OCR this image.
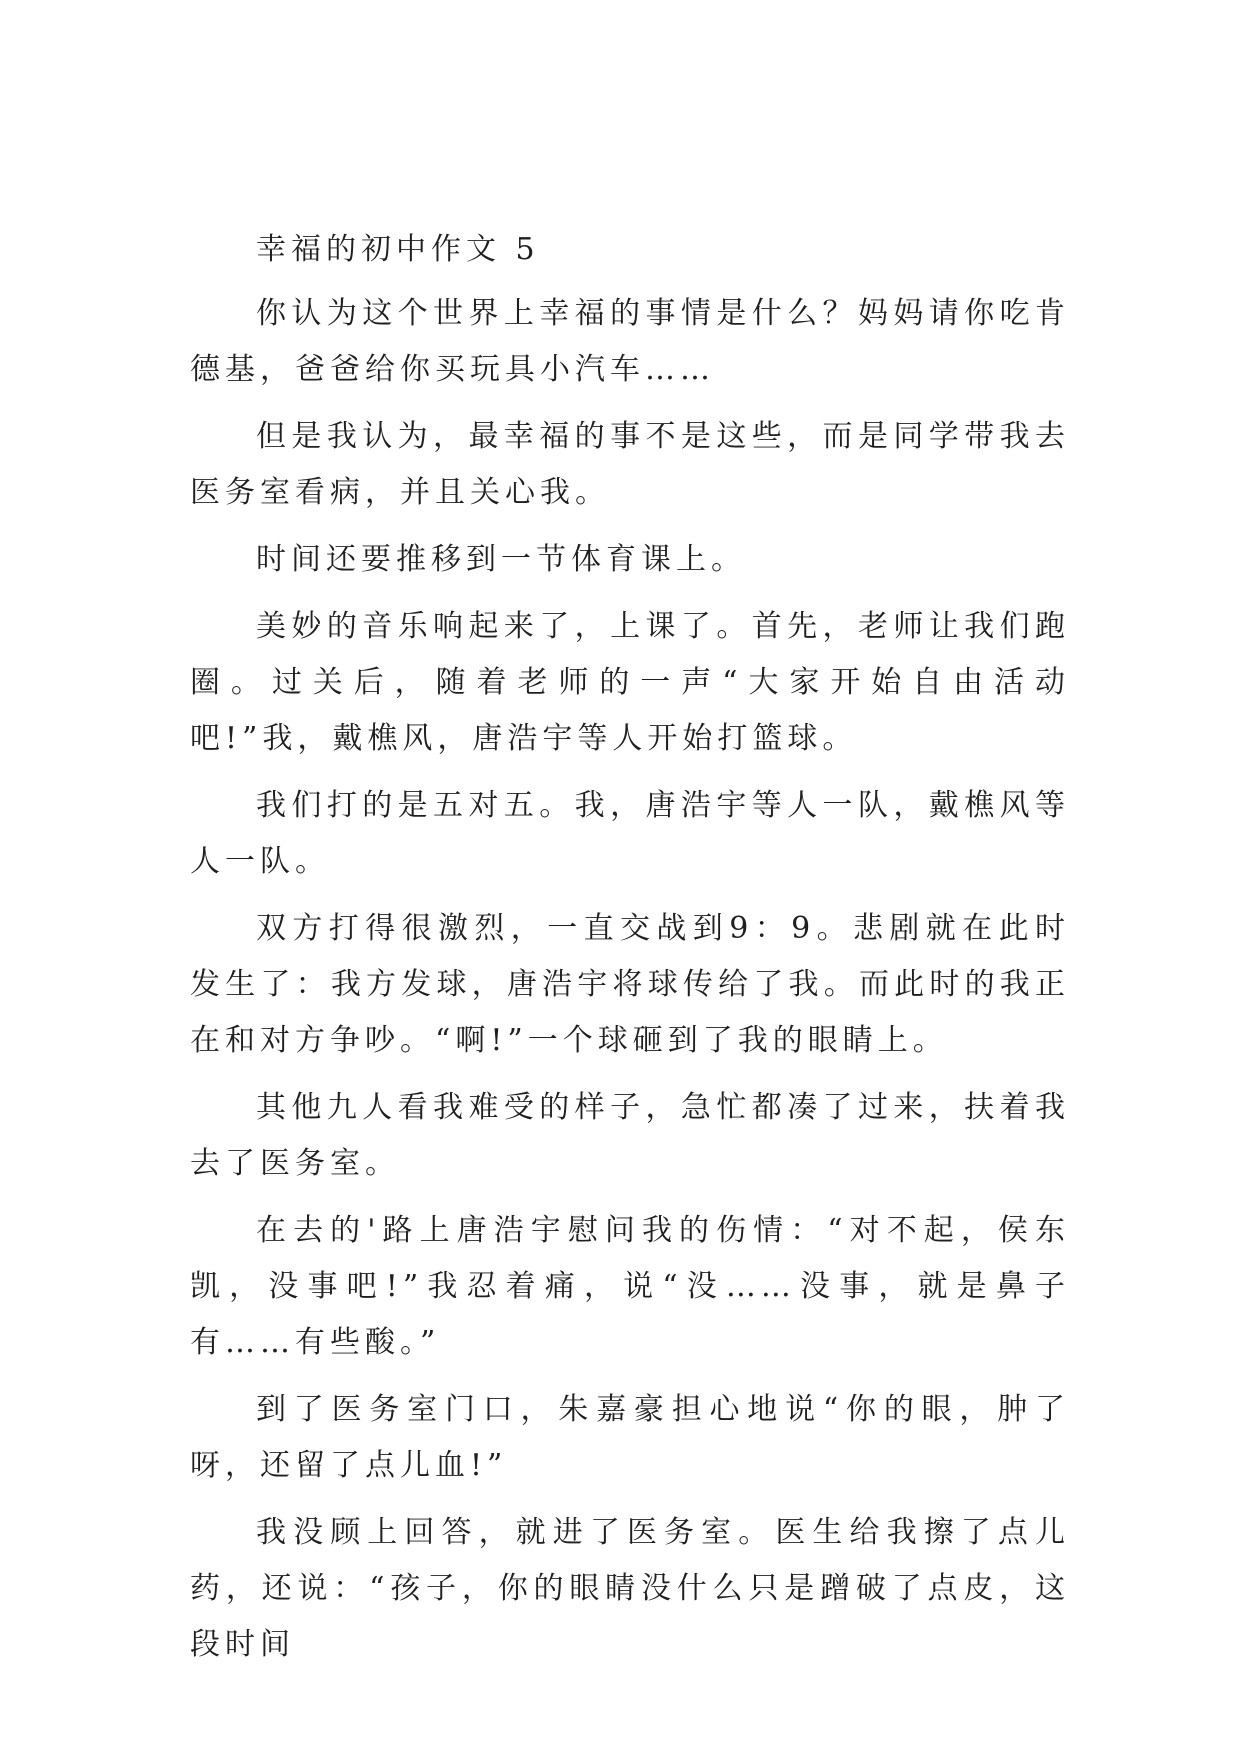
幸福的初中作文 5

你认为这个世界上幸福的事情是什么？妈妈请你吃肯德基，爸爸给你买玩具小汽车……

但是我认为，最幸福的事不是这些，而是同学带我去医务室看病，并且关心我。

时间还要推移到一节体育课上。

美妙的音乐响起来了，上课了。首先，老师让我们跑圈。过关后，随着老师的一声“大家开始自由活动吧!”我，戴樵风，唐浩宇等人开始打篮球。

我们打的是五对五。我，唐浩宇等人一队，戴樵风等人一队。

双方打得很激烈，一直交战到9：9。悲剧就在此时发生了：我方发球，唐浩宇将球传给了我。而此时的我正在和对方争吵。“啊!”一个球砸到了我的眼睛上。

其他九人看我难受的样子，急忙都凑了过来，扶着我去了医务室。

在去的'路上唐浩宇慰问我的伤情：“对不起，侯东凯，没事吧!”我忍着痛，说“没……没事，就是鼻子有……有些酸。”

到了医务室门口，朱嘉豪担心地说“你的眼，肿了呀，还留了点儿血!”

我没顾上回答，就进了医务室。医生给我擦了点儿药，还说：“孩子，你的眼睛没什么只是蹭破了点皮，这段时间
